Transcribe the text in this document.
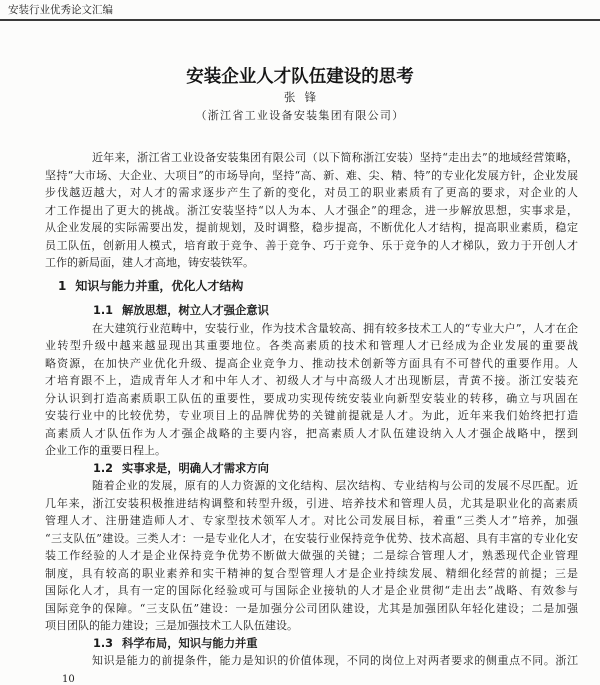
安装行业优秀论文汇编
安装企业人才队伍建设的思考
张锋
（浙江省工业设备安装集团有限公司）
近年来，浙江省工业设备安装集团有限公司（以下简称浙江安装）坚持“走出去”的地域经营策略，
坚持“大市场、大企业、大项目”的市场导向，坚持“高、新、难、尖、精、特”的专业化发展方针，企业发展
步伐越迈越大，对人才的需求逐步产生了新的变化，对员工的职业素质有了更高的要求，对企业的人
才工作提出了更大的挑战。浙江安装坚持“以人为本、人才强企”的理念，进一步解放思想，实事求是，
从企业发展的实际需要出发，提前规划，及时调整，稳步提高，不断优化人才结构，提高职业素质，稳定
员工队伍，创新用人模式，培育敢于竞争、善于竞争、巧于竞争、乐于竞争的人才梯队，致力于开创人才
工作的新局面，建人才高地，铸安装铁军。
1 知识与能力并重，优化人才结构
1.1 解放思想，树立人才强企意识
在大建筑行业范畴中，安装行业，作为技术含量较高、拥有较多技术工人的“专业大户”，人才在企
业转型升级中越来越显现出其重要地位。各类高素质的技术和管理人才已经成为企业发展的重要战
略资源，在加快产业优化升级、提高企业竞争力、推动技术创新等方面具有不可替代的重要作用。人
才培育跟不上，造成青年人才和中年人才、初级人才与中高级人才出现断层，青黄不接。浙江安装充
分认识到打造高素质职工队伍的重要性，要成功实现传统安装业向新型安装业的转移，确立与巩固在
安装行业中的比较优势，专业项目上的品牌优势的关键前提就是人才。为此，近年来我们始终把打造
高素质人才队伍作为人才强企战略的主要内容，把高素质人才队伍建设纳入人才强企战略中，摆到
企业工作的重要日程上。
1.2 实事求是，明确人才需求方向
随着企业的发展，原有的人力资源的文化结构、层次结构、专业结构与公司的发展不尽匹配。近
几年来，浙江安装积极推进结构调整和转型升级，引进、培养技术和管理人员，尤其是职业化的高素质
管理人才、注册建造师人才、专家型技术领军人才。对比公司发展目标，着重“三类人才”培养，加强
“三支队伍”建设。三类人才：一是专业化人才，在安装行业保持竞争优势、技术高超、具有丰富的专业化安
装工作经验的人才是企业保持竞争优势不断做大做强的关键；二是综合管理人才，熟悉现代企业管理
制度，具有较高的职业素养和实干精神的复合型管理人才是企业持续发展、精细化经营的前提；三是
国际化人才，具有一定的国际化经验或可与国际企业接轨的人才是企业贯彻“走出去”战略、有效参与
国际竞争的保障。“三支队伍”建设：一是加强分公司团队建设，尤其是加强团队年轻化建设；二是加强
项目团队的能力建设；三是加强技术工人队伍建设。
1.3 科学布局，知识与能力并重
知识是能力的前提条件，能力是知识的价值体现，不同的岗位上对两者要求的侧重点不同。浙江
10
